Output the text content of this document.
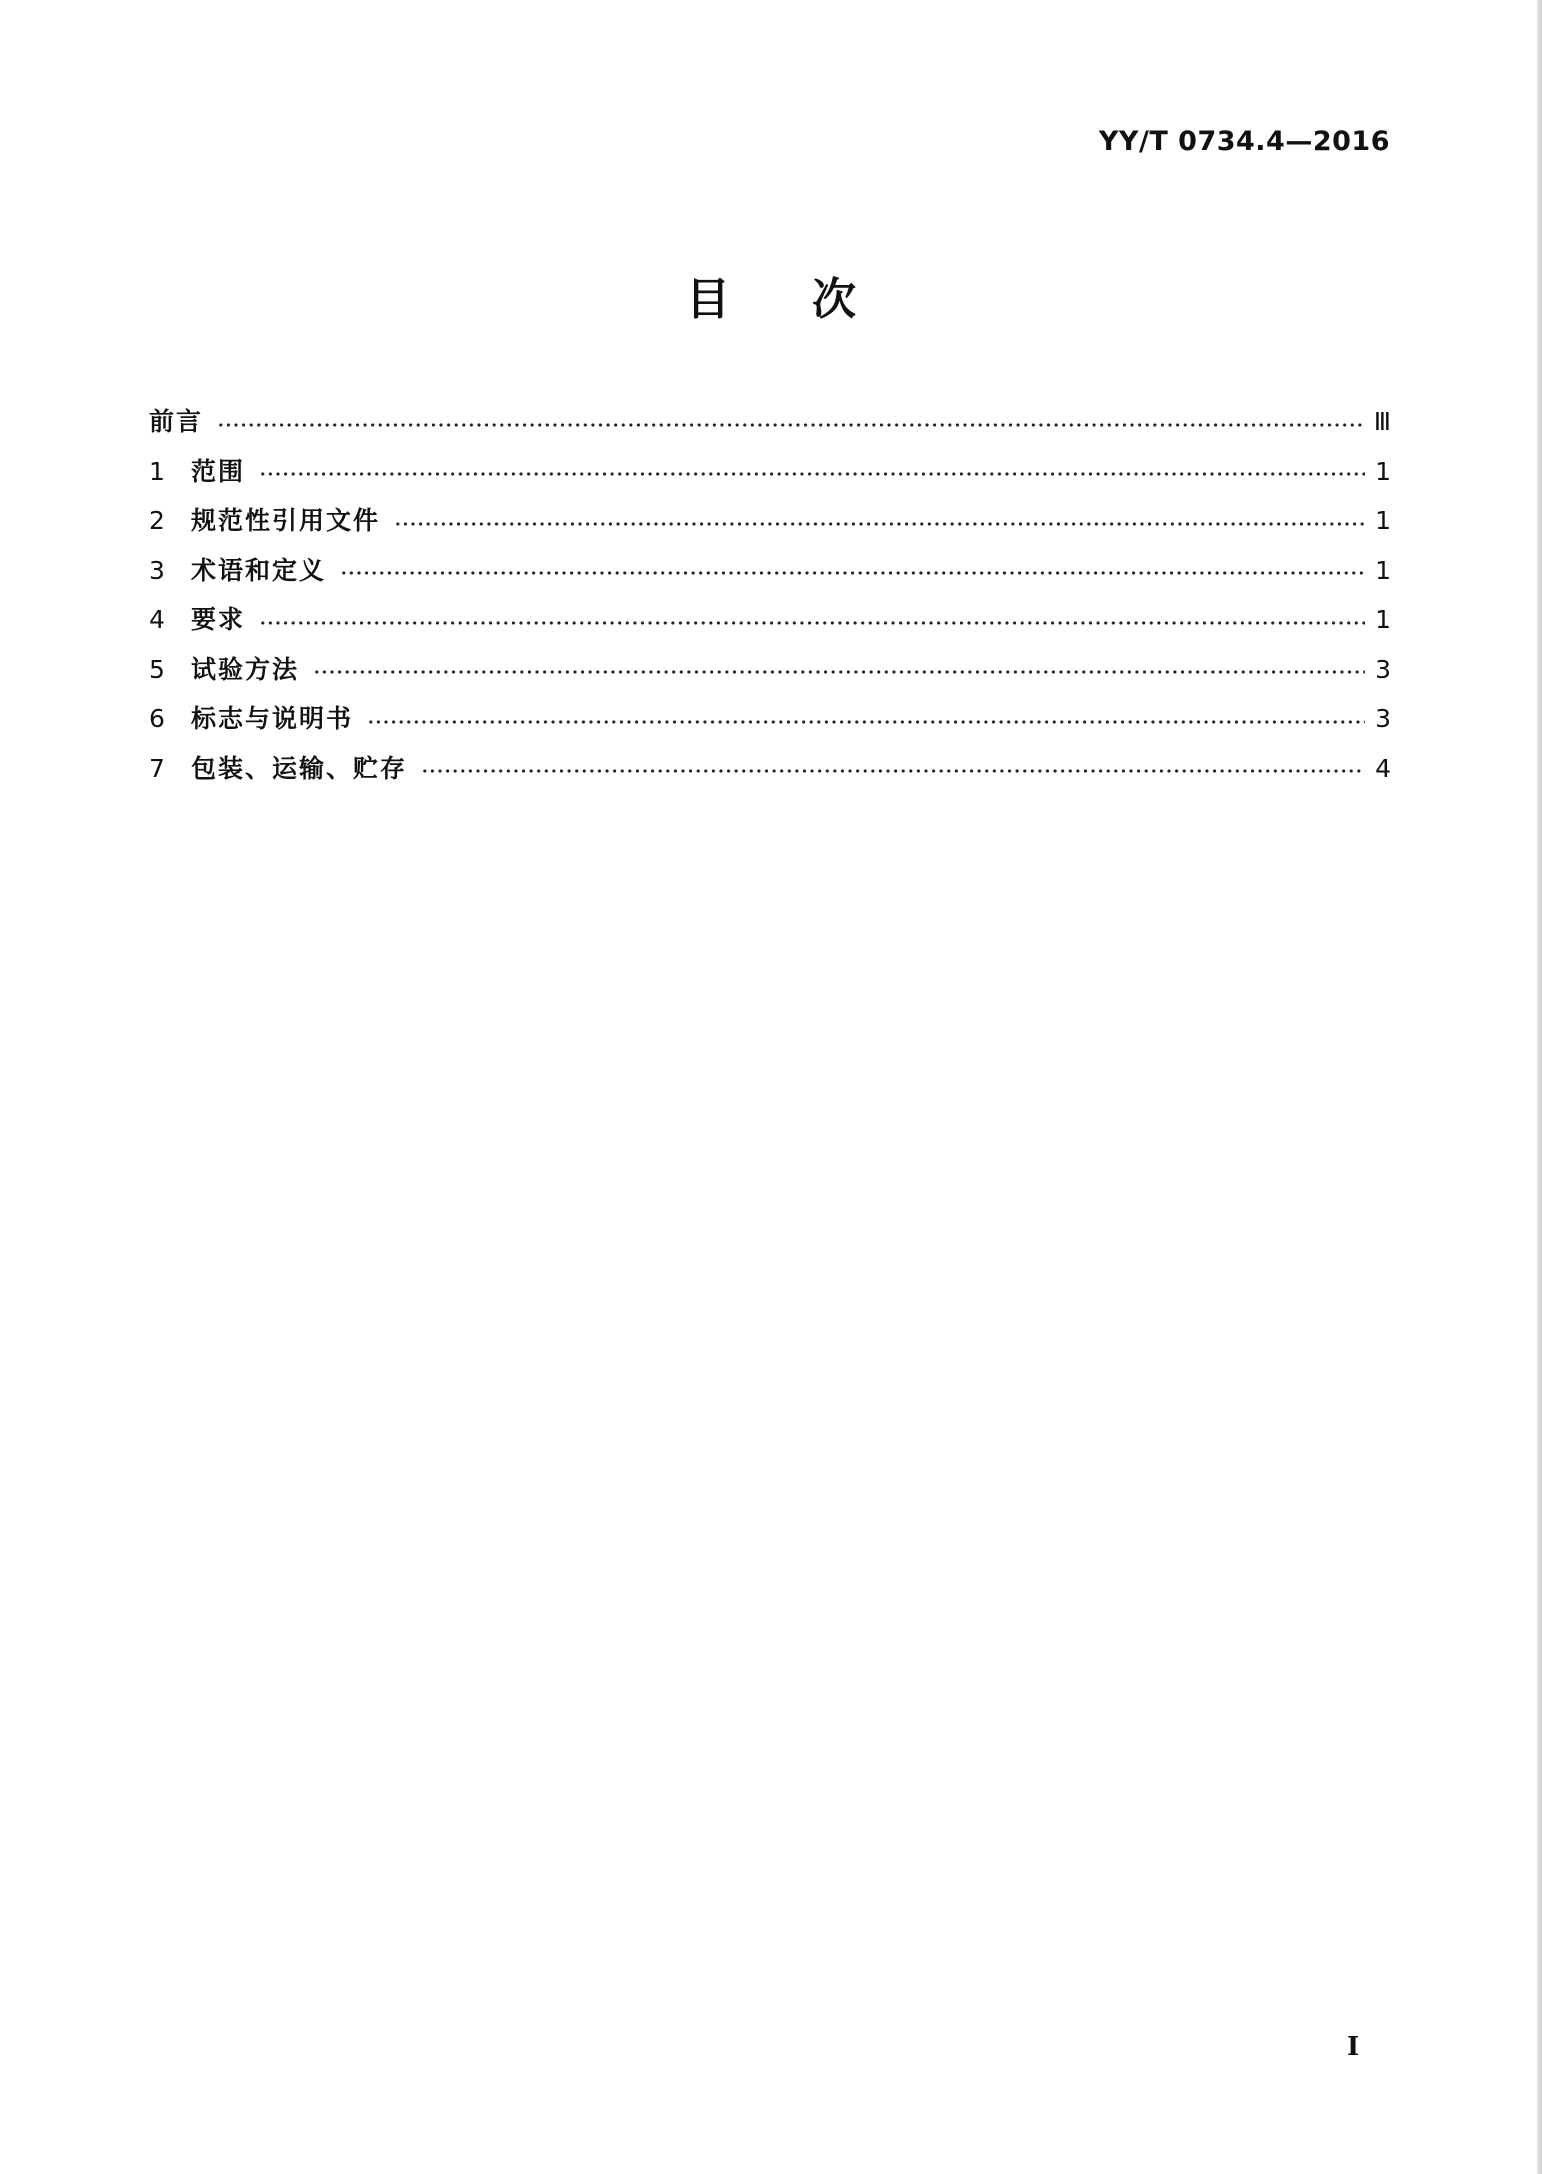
YY/T 0734.4—2016
目次
前言	Ⅲ
1	范围	1
2	规范性引用文件	1
3	术语和定义	1
4	要求	1
5	试验方法	3
6	标志与说明书	3
7	包装、运输、贮存	4
I
